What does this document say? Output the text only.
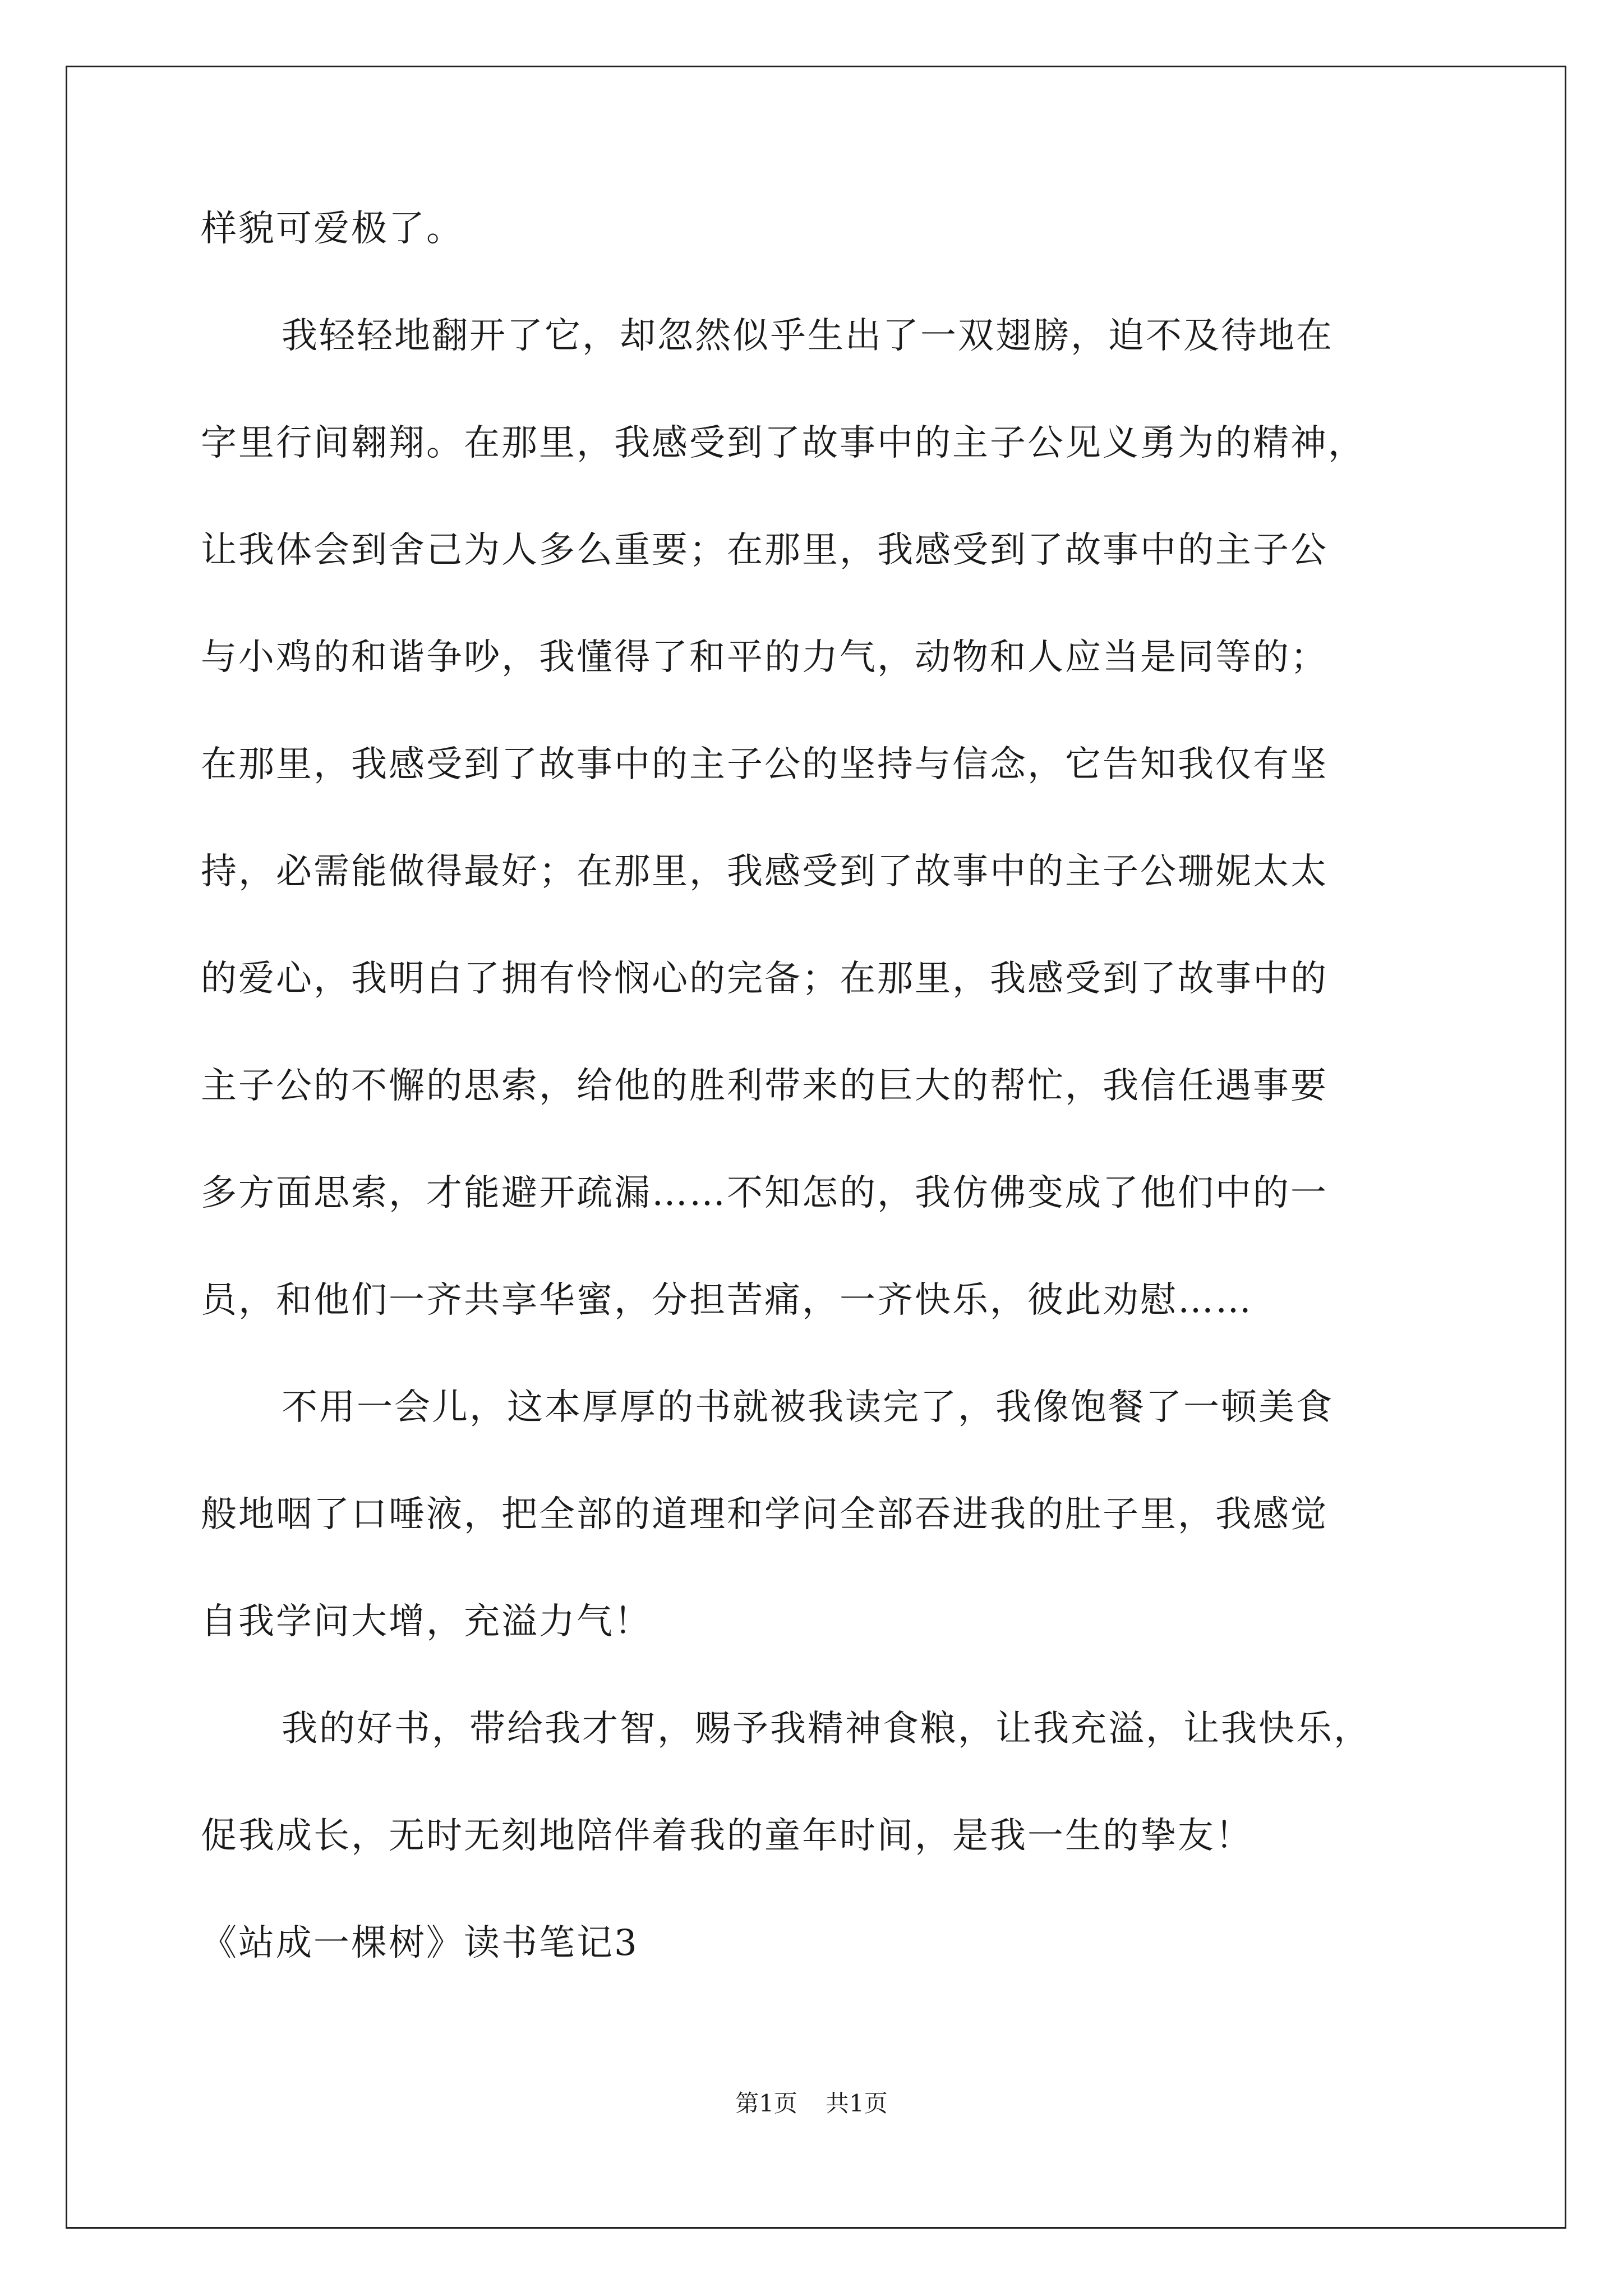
样貌可爱极了。
我轻轻地翻开了它，却忽然似乎生出了一双翅膀，迫不及待地在
字里行间翱翔。在那里，我感受到了故事中的主子公见义勇为的精神，
让我体会到舍己为人多么重要；在那里，我感受到了故事中的主子公
与小鸡的和谐争吵，我懂得了和平的力气，动物和人应当是同等的；
在那里，我感受到了故事中的主子公的坚持与信念，它告知我仅有坚
持，必需能做得最好；在那里，我感受到了故事中的主子公珊妮太太
的爱心，我明白了拥有怜悯心的完备；在那里，我感受到了故事中的
主子公的不懈的思索，给他的胜利带来的巨大的帮忙，我信任遇事要
多方面思索，才能避开疏漏……不知怎的，我仿佛变成了他们中的一
员，和他们一齐共享华蜜，分担苦痛，一齐快乐，彼此劝慰……
不用一会儿，这本厚厚的书就被我读完了，我像饱餐了一顿美食
般地咽了口唾液，把全部的道理和学问全部吞进我的肚子里，我感觉
自我学问大增，充溢力气！
我的好书，带给我才智，赐予我精神食粮，让我充溢，让我快乐，
促我成长，无时无刻地陪伴着我的童年时间，是我一生的挚友！
《站成一棵树》读书笔记3
第1页 共1页
